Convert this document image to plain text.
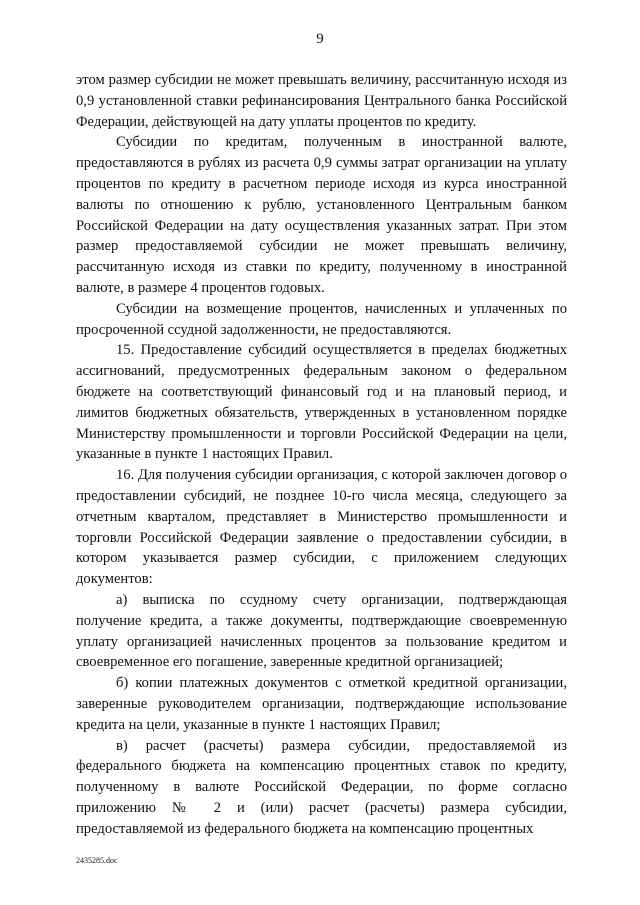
9

этом размер субсидии не может превышать величину, рассчитанную исходя из 0,9 установленной ставки рефинансирования Центрального банка Российской Федерации, действующей на дату уплаты процентов по кредиту.

Субсидии по кредитам, полученным в иностранной валюте, предоставляются в рублях из расчета 0,9 суммы затрат организации на уплату процентов по кредиту в расчетном периоде исходя из курса иностранной валюты по отношению к рублю, установленного Центральным банком Российской Федерации на дату осуществления указанных затрат. При этом размер предоставляемой субсидии не может превышать величину, рассчитанную исходя из ставки по кредиту, полученному в иностранной валюте, в размере 4 процентов годовых.

Субсидии на возмещение процентов, начисленных и уплаченных по просроченной ссудной задолженности, не предоставляются.

15. Предоставление субсидий осуществляется в пределах бюджетных ассигнований, предусмотренных федеральным законом о федеральном бюджете на соответствующий финансовый год и на плановый период, и лимитов бюджетных обязательств, утвержденных в установленном порядке Министерству промышленности и торговли Российской Федерации на цели, указанные в пункте 1 настоящих Правил.

16. Для получения субсидии организация, с которой заключен договор о предоставлении субсидий, не позднее 10-го числа месяца, следующего за отчетным кварталом, представляет в Министерство промышленности и торговли Российской Федерации заявление о предоставлении субсидии, в котором указывается размер субсидии, с приложением следующих документов:

а) выписка по ссудному счету организации, подтверждающая получение кредита, а также документы, подтверждающие своевременную уплату организацией начисленных процентов за пользование кредитом и своевременное его погашение, заверенные кредитной организацией;

б) копии платежных документов с отметкой кредитной организации, заверенные руководителем организации, подтверждающие использование кредита на цели, указанные в пункте 1 настоящих Правил;

в) расчет (расчеты) размера субсидии, предоставляемой из федерального бюджета на компенсацию процентных ставок по кредиту, полученному в валюте Российской Федерации, по форме согласно приложению № 2 и (или) расчет (расчеты) размера субсидии, предоставляемой из федерального бюджета на компенсацию процентных

2435285.doc
